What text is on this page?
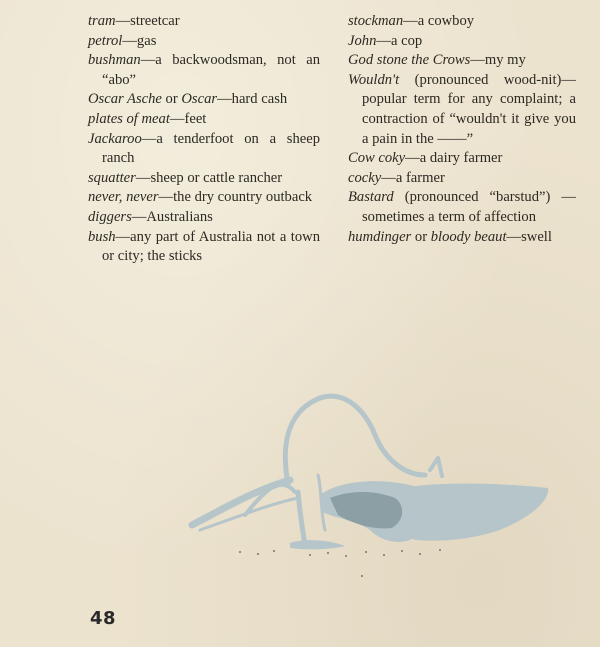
tram—streetcar

petrol—gas

bushman—a backwoodsman, not an “abo”

Oscar Asche or Oscar—hard cash

plates of meat—feet

Jackaroo—a tenderfoot on a sheep ranch

squatter—sheep or cattle rancher

never, never—the dry country outback

diggers—Australians

bush—any part of Australia not a town or city; the sticks

stockman—a cowboy

John—a cop

God stone the Crows—my my

Wouldn't (pronounced wood-nit)—popular term for any complaint; a contraction of “wouldn't it give you a pain in the ——”

Cow coky—a dairy farmer

cocky—a farmer

Bastard (pronounced “barstud”) —sometimes a term of affection

humdinger or bloody beaut—swell

48
